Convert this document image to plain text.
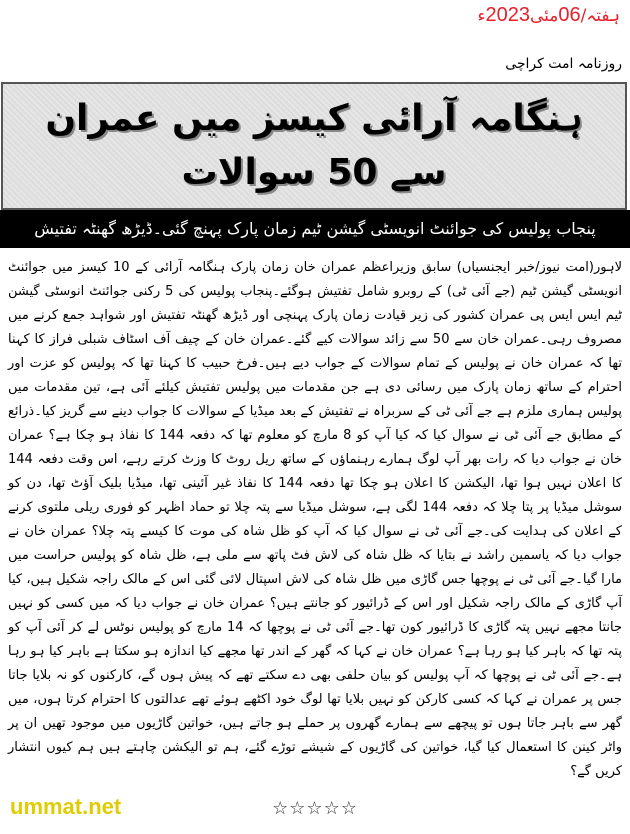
ہفتہ/06مئی2023ء
روزنامہ امت کراچی
ہنگامہ آرائی کیسز میں عمران سے 50 سوالات
پنجاب پولیس کی جوائنٹ انویسٹی گیشن ٹیم زمان پارک پہنچ گئی۔ڈیڑھ گھنٹہ تفتیش
لاہور(امت نیوز/خبر ایجنسیاں) سابق وزیراعظم عمران خان زمان پارک ہنگامہ آرائی کے 10 کیسز میں جوائنٹ انویسٹی گیشن ٹیم (جے آئی ٹی) کے روبرو شامل تفتیش ہوگئے۔پنجاب پولیس کی 5 رکنی جوائنٹ انوسٹی گیشن ٹیم ایس ایس پی عمران کشور کی زیر قیادت زمان پارک پہنچی اور ڈیڑھ گھنٹہ تفتیش اور شواہد جمع کرنے میں مصروف رہی۔عمران خان سے 50 سے زائد سوالات کیے گئے۔عمران خان کے چیف آف اسٹاف شبلی فراز کا کہنا تھا کہ عمران خان نے پولیس کے تمام سوالات کے جواب دیے ہیں۔فرخ حبیب کا کہنا تھا کہ پولیس کو عزت اور احترام کے ساتھ زمان پارک میں رسائی دی ہے جن مقدمات میں پولیس تفتیش کیلئے آئی ہے، تین مقدمات میں پولیس ہماری ملزم ہے جے آئی ٹی کے سربراہ نے تفتیش کے بعد میڈیا کے سوالات کا جواب دینے سے گریز کیا۔ذرائع کے مطابق جے آئی ٹی نے سوال کیا کہ کیا آپ کو 8 مارچ کو معلوم تھا کہ دفعہ 144 کا نفاذ ہو چکا ہے؟ عمران خان نے جواب دیا کہ رات بھر آپ لوگ ہمارے رہنماؤں کے ساتھ ریل روٹ کا وزٹ کرتے رہے، اس وقت دفعہ 144 کا اعلان نہیں ہوا تھا، الیکشن کا اعلان ہو چکا تھا دفعہ 144 کا نفاذ غیر آئینی تھا، میڈیا بلیک آؤٹ تھا، دن کو سوشل میڈیا پر پتا چلا کہ دفعہ 144 لگی ہے، سوشل میڈیا سے پتہ چلا تو حماد اظہر کو فوری ریلی ملتوی کرنے کے اعلان کی ہدایت کی۔جے آئی ٹی نے سوال کیا کہ آپ کو ظل شاہ کی موت کا کیسے پتہ چلا؟ عمران خان نے جواب دیا کہ یاسمین راشد نے بتایا کہ ظل شاہ کی لاش فٹ پاتھ سے ملی ہے، ظل شاہ کو پولیس حراست میں مارا گیا۔جے آئی ٹی نے پوچھا جس گاڑی میں ظل شاہ کی لاش اسپتال لائی گئی اس کے مالک راجہ شکیل ہیں، کیا آپ گاڑی کے مالک راجہ شکیل اور اس کے ڈرائیور کو جانتے ہیں؟ عمران خان نے جواب دیا کہ میں کسی کو نہیں جانتا مجھے نہیں پتہ گاڑی کا ڈرائیور کون تھا۔جے آئی ٹی نے پوچھا کہ 14 مارچ کو پولیس نوٹس لے کر آئی آپ کو پتہ تھا کہ باہر کیا ہو رہا ہے؟ عمران خان نے کہا کہ گھر کے اندر تھا مجھے کیا اندازہ ہو سکتا ہے باہر کیا ہو رہا ہے۔جے آئی ٹی نے پوچھا کہ آپ پولیس کو بیان حلفی بھی دے سکتے تھے کہ پیش ہوں گے، کارکنوں کو نہ بلایا جاتا جس پر عمران نے کہا کہ کسی کارکن کو نہیں بلایا تھا لوگ خود اکٹھے ہوئے تھے عدالتوں کا احترام کرتا ہوں، میں گھر سے باہر جاتا ہوں تو پیچھے سے ہمارے گھروں پر حملے ہو جاتے ہیں، خواتین گاڑیوں میں موجود تھیں ان پر واٹر کینن کا استعمال کیا گیا، خواتین کی گاڑیوں کے شیشے توڑے گئے، ہم تو الیکشن چاہتے ہیں ہم کیوں انتشار کریں گے؟
☆☆☆☆☆
ummat.net
